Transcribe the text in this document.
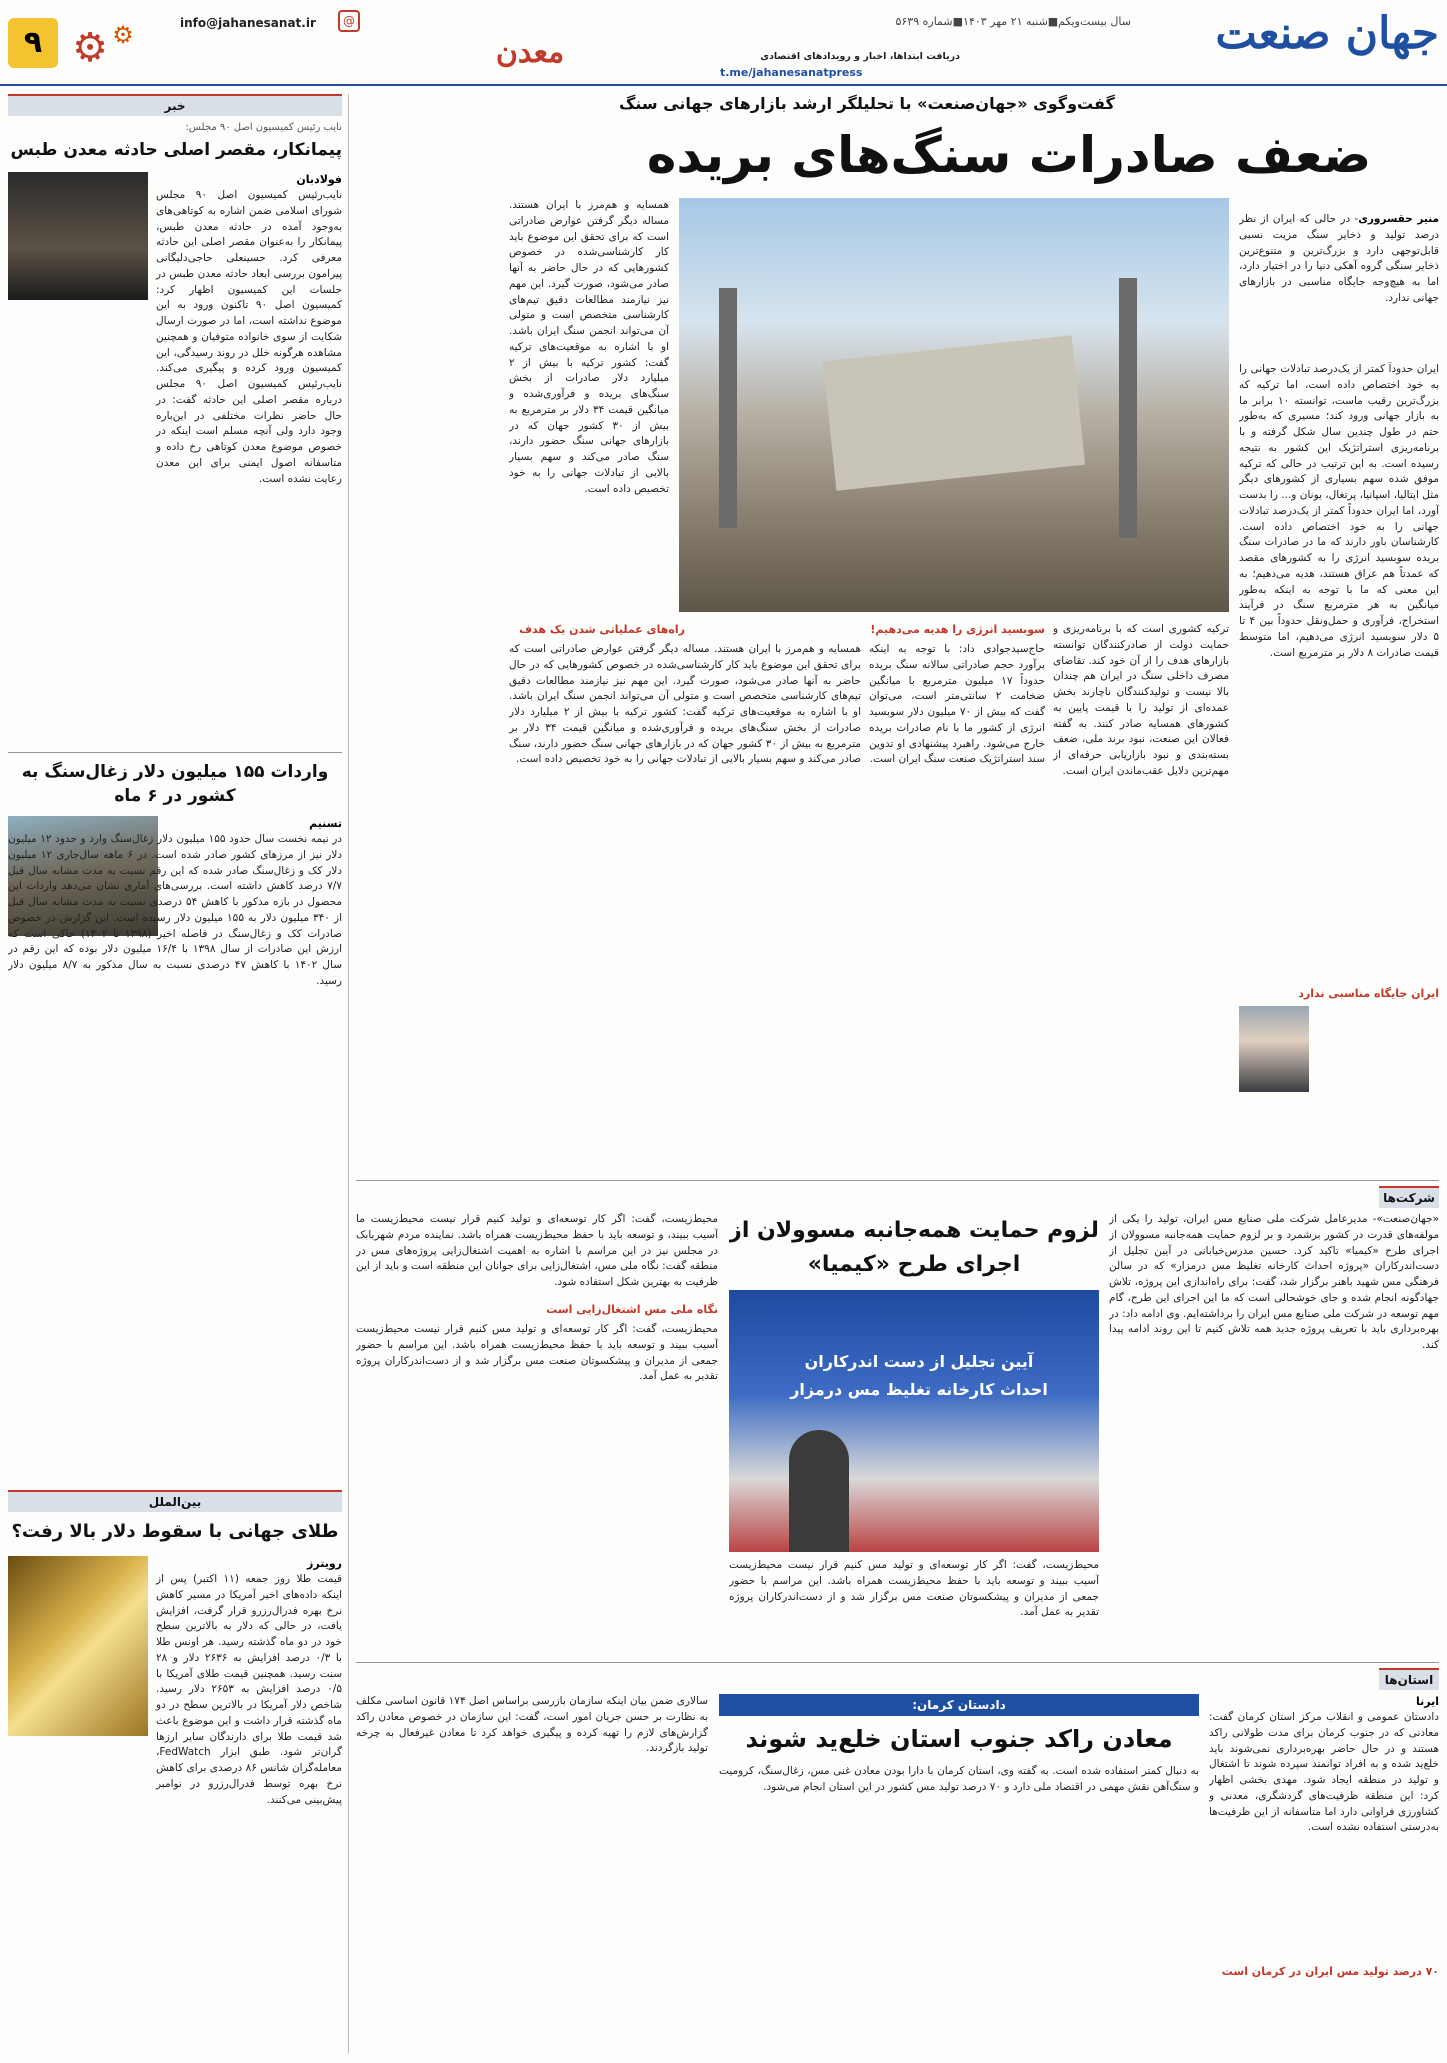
جهان صنعت
سال بیست‌ویکم■شنبه ۲۱ مهر ۱۴۰۳■شماره ۵۶۳۹
دریافت ابتدا‌ها، اخبار و رویدادهای اقتصادی
t.me/jahanesanatpress
معدن
info@jahanesanat.ir	@
⚙ ⚙
۹
خبر
نایب رئیس کمیسیون اصل ۹۰ مجلس:
پیمانکار، مقصر اصلی حادثه معدن طبس
فولادبان
نایب‌رئیس کمیسیون اصل ۹۰ مجلس شورای اسلامی ضمن اشاره به کوتاهی‌های به‌وجود آمده در حادثه معدن طبس، پیمانکار را به‌عنوان مقصر اصلی این حادثه معرفی کرد. حسینعلی حاجی‌دلیگانی پیرامون بررسی ابعاد حادثه معدن طبس در جلسات این کمیسیون اظهار کرد: کمیسیون اصل ۹۰ تاکنون ورود به این موضوع نداشته است، اما در صورت ارسال شکایت از سوی خانواده متوفیان و همچنین مشاهده هرگونه خلل در روند رسیدگی، این کمیسیون ورود کرده و پیگیری می‌کند. نایب‌رئیس کمیسیون اصل ۹۰ مجلس درباره مقصر اصلی این حادثه گفت: در حال حاضر نظرات مختلفی در این‌باره وجود دارد ولی آنچه مسلم است اینکه در خصوص موضوع معدن کوتاهی رخ داده و متاسفانه اصول ایمنی برای این معدن رعایت نشده است.
واردات ۱۵۵ میلیون دلار زغال‌سنگ به کشور در ۶ ماه
تسنیم
در نیمه نخست سال حدود ۱۵۵ میلیون دلار زغال‌سنگ وارد و حدود ۱۲ میلیون دلار نیز از مرزهای کشور صادر شده است. در ۶ ماهه سال‌جاری ۱۲ میلیون دلار کک و زغال‌سنگ صادر شده که این رقم نسبت به مدت مشابه سال قبل ۷/۷ درصد کاهش داشته است. بررسی‌های آماری نشان می‌دهد واردات این محصول در بازه مذکور با کاهش ۵۴ درصدی نسبت به مدت مشابه سال قبل از ۳۴۰ میلیون دلار به ۱۵۵ میلیون دلار رسیده است. این گزارش در خصوص صادرات کک و زغال‌سنگ در فاصله اخیر (۱۳۹۸ تا ۱۴۰۲) حاکی است که ارزش این صادرات از سال ۱۳۹۸ با ۱۶/۴ میلیون دلار بوده که این رقم در سال ۱۴۰۲ با کاهش ۴۷ درصدی نسبت به سال مذکور به ۸/۷ میلیون دلار رسید.
بین‌الملل
طلای جهانی با سقوط دلار بالا رفت؟
رویترز
قیمت طلا روز جمعه (۱۱ اکتبر) پس از اینکه داده‌های اخیر آمریکا در مسیر کاهش نرخ بهره فدرال‌رزرو قرار گرفت، افزایش یافت، در حالی که دلار به بالاترین سطح خود در دو ماه گذشته رسید. هر اونس طلا با ۰/۳ درصد افزایش به ۲۶۳۶ دلار و ۲۸ سنت رسید. همچنین قیمت طلای آمریکا با ۰/۵ درصد افزایش به ۲۶۵۳ دلار رسید. شاخص دلار آمریکا در بالاترین سطح در دو ماه گذشته قرار داشت و این موضوع باعث شد قیمت طلا برای دارندگان سایر ارزها گران‌تر شود. طبق ابزار FedWatch، معامله‌گران شانس ۸۶ درصدی برای کاهش نرخ بهره توسط فدرال‌رزرو در نوامبر پیش‌بینی می‌کنند.
گفت‌وگوی «جهان‌صنعت» با تحلیلگر ارشد بازارهای جهانی سنگ
ضعف صادرات سنگ‌های برید‌ه
منیر حقسروری- در حالی که ایران از نظر درصد تولید و ذخایر سنگ مزیت نسبی قابل‌توجهی دارد و بزرگ‌ترین و متنوع‌ترین ذخایر سنگی گروه آهکی دنیا را در اختیار دارد، اما به هیچ‌وجه جایگاه مناسبی در بازارهای جهانی ندارد.
ایران حدوداً کمتر از یک‌درصد تبادلات جهانی را به خود اختصاص داده است، اما ترکیه که بزرگ‌ترین رقیب ماست، توانسته ۱۰ برابر ما به بازار جهانی ورود کند؛ مسیری که به‌طور حتم در طول چندین سال شکل گرفته و با برنامه‌ریزی استراتژیک این کشور به نتیجه رسیده است. به این ترتیب در حالی که ترکیه موفق شده سهم بسیاری از کشورهای دیگر مثل ایتالیا، اسپانیا، پرتغال، یونان و... را بدست آورد، اما ایران حدوداً کمتر از یک‌درصد تبادلات جهانی را به خود اختصاص داده است. کارشناسان باور دارند که ما در صادرات سنگ برید‌ه سوبسید انرژی را به کشورهای مقصد که عمدتاً هم عراق هستند، هدیه می‌دهیم؛ به این معنی که ما با توجه به اینکه به‌طور میانگین به هر مترمربع سنگ در فرآیند استخراج، فرآوری و حمل‌ونقل حدوداً بین ۴ تا ۵ دلار سوبسید انرژی می‌دهیم، اما متوسط قیمت صادرات ۸ دلار بر مترمربع است.
ایران جایگاه مناسبی ندارد
همسایه و هم‌مرز با ایران هستند. مساله دیگر گرفتن عوارض صادراتی است که برای تحقق این موضوع باید کار کارشناسی‌شده در خصوص کشورهایی که در حال حاضر به آنها صادر می‌شود، صورت گیرد. این مهم نیز نیازمند مطالعات دقیق تیم‌های کارشناسی متخصص است و متولی آن می‌تواند انجمن سنگ ایران باشد. او با اشاره به موقعیت‌های ترکیه گفت: کشور ترکیه با بیش از ۲ میلیارد دلار صادرات از بخش سنگ‌های برید‌ه و فرآوری‌شده و میانگین قیمت ۳۴ دلار بر مترمربع به بیش از ۳۰ کشور جهان که در بازارهای جهانی سنگ حضور دارند، سنگ صادر می‌کند و سهم بسیار بالایی از تبادلات جهانی را به خود تخصیص داده است.
ترکیه کشوری است که با برنامه‌ریزی و حمایت دولت از صادرکنندگان توانسته بازارهای هدف را از آن خود کند. تقاضای مصرف داخلی سنگ در ایران هم چندان بالا نیست و تولیدکنندگان ناچارند بخش عمده‌ای از تولید را با قیمت پایین به کشورهای همسایه صادر کنند. به گفته فعالان این صنعت، نبود برند ملی، ضعف بسته‌بندی و نبود بازاریابی حرفه‌ای از مهم‌ترین دلایل عقب‌ماندن ایران است.
سوبسید انرژی را هدیه می‌دهیم!
حاج‌سیدجوادی داد: با توجه به اینکه برآورد حجم صادراتی سالانه سنگ برید‌ه حدوداً ۱۷ میلیون مترمربع با میانگین ضخامت ۲ سانتی‌متر است، می‌توان گفت که بیش از ۷۰ میلیون دلار سوبسید انرژی از کشور ما با نام صادرات برید‌ه خارج می‌شود. راهبرد پیشنهادی او تدوین سند استراتژیک صنعت سنگ ایران است.
راه‌های عملیاتی شدن یک هدف
همسایه و هم‌مرز با ایران هستند. مساله دیگر گرفتن عوارض صادراتی است که برای تحقق این موضوع باید کار کارشناسی‌شده در خصوص کشورهایی که در حال حاضر به آنها صادر می‌شود، صورت گیرد. این مهم نیز نیازمند مطالعات دقیق تیم‌های کارشناسی متخصص است و متولی آن می‌تواند انجمن سنگ ایران باشد. او با اشاره به موقعیت‌های ترکیه گفت: کشور ترکیه با بیش از ۲ میلیارد دلار صادرات از بخش سنگ‌های برید‌ه و فرآوری‌شده و میانگین قیمت ۳۴ دلار بر مترمربع به بیش از ۳۰ کشور جهان که در بازارهای جهانی سنگ حضور دارند، سنگ صادر می‌کند و سهم بسیار بالایی از تبادلات جهانی را به خود تخصیص داده است.
شرکت‌ها
«جهان‌صنعت»- مدیرعامل شرکت ملی صنایع مس ایران، تولید را یکی از مولفه‌های قدرت در کشور برشمرد و بر لزوم حمایت همه‌جانبه مسوولان از اجرای طرح «کیمیا» تاکید کرد. حسین مدرس‌خیابانی در آیین تجلیل از دست‌اندرکاران «پروژه احداث کارخانه تغلیظ مس درمزار» که در سالن فرهنگی مس شهید باهنر برگزار شد، گفت: برای راه‌اندازی این پروژه، تلاش جهادگونه انجام شده و جای خوشحالی است که ما این اجرای این طرح، گام مهم توسعه در شرکت ملی صنایع مس ایران را برداشته‌ایم. وی ادامه داد: در بهره‌برداری باید با تعریف پروژه جدید همه تلاش کنیم تا این روند ادامه پیدا کند.
لزوم حمایت همه‌جانبه مسوولان از اجرای طرح «کیمیا»
آیین تجلیل از دست اندرکاران
احداث کارخانه تغلیظ مس درمزار
محیط‌زیست، گفت: اگر کار توسعه‌ای و تولید مس کنیم قرار نیست محیط‌زیست آسیب ببیند و توسعه باید با حفظ محیط‌زیست همراه باشد. این مراسم با حضور جمعی از مدیران و پیشکسوتان صنعت مس برگزار شد و از دست‌اندرکاران پروژه تقدیر به عمل آمد.
نگاه ملی مس اشتغال‌زایی است
محیط‌زیست، گفت: اگر کار توسعه‌ای و تولید کنیم قرار نیست محیط‌زیست ما آسیب ببیند، و توسعه باید با حفظ محیط‌زیست همراه باشد. نماینده مردم شهربابک در مجلس نیز در این مراسم با اشاره به اهمیت اشتغال‌زایی پروژه‌های مس در منطقه گفت: نگاه ملی مس، اشتغال‌زایی برای جوانان این منطقه است و باید از این ظرفیت به بهترین شکل استفاده شود.
محیط‌زیست، گفت: اگر کار توسعه‌ای و تولید مس کنیم قرار نیست محیط‌زیست آسیب ببیند و توسعه باید با حفظ محیط‌زیست همراه باشد. این مراسم با حضور جمعی از مدیران و پیشکسوتان صنعت مس برگزار شد و از دست‌اندرکاران پروژه تقدیر به عمل آمد.
استان‌ها
ایرنا
دادستان عمومی و انقلاب مرکز استان کرمان گفت: معادنی که در جنوب کرمان برای مدت طولانی راکد هستند و در حال حاضر بهره‌برداری نمی‌شوند باید خلع‌ید شده و به افراد توانمند سپرده شوند تا اشتغال و تولید در منطقه ایجاد شود. مهدی بخشی اظهار کرد: این منطقه ظرفیت‌های گردشگری، معدنی و کشاورزی فراوانی دارد اما متاسفانه از این ظرفیت‌ها به‌درستی استفاده نشده است.
۷۰ درصد تولید مس ایران در کرمان است
دادستان کرمان:
معادن راکد جنوب استان خلع‌ید شوند
به دنبال کمتر استفاده شده است. به گفته وی، استان کرمان با دارا بودن معادن غنی مس، زغال‌سنگ، کرومیت و سنگ‌آهن نقش مهمی در اقتصاد ملی دارد و ۷۰ درصد تولید مس کشور در این استان انجام می‌شود.
سالاری ضمن بیان اینکه سازمان بازرسی براساس اصل ۱۷۴ قانون اساسی مکلف به نظارت بر حسن جریان امور است، گفت: این سازمان در خصوص معادن راکد گزارش‌های لازم را تهیه کرده و پیگیری خواهد کرد تا معادن غیرفعال به چرخه تولید بازگردند.
